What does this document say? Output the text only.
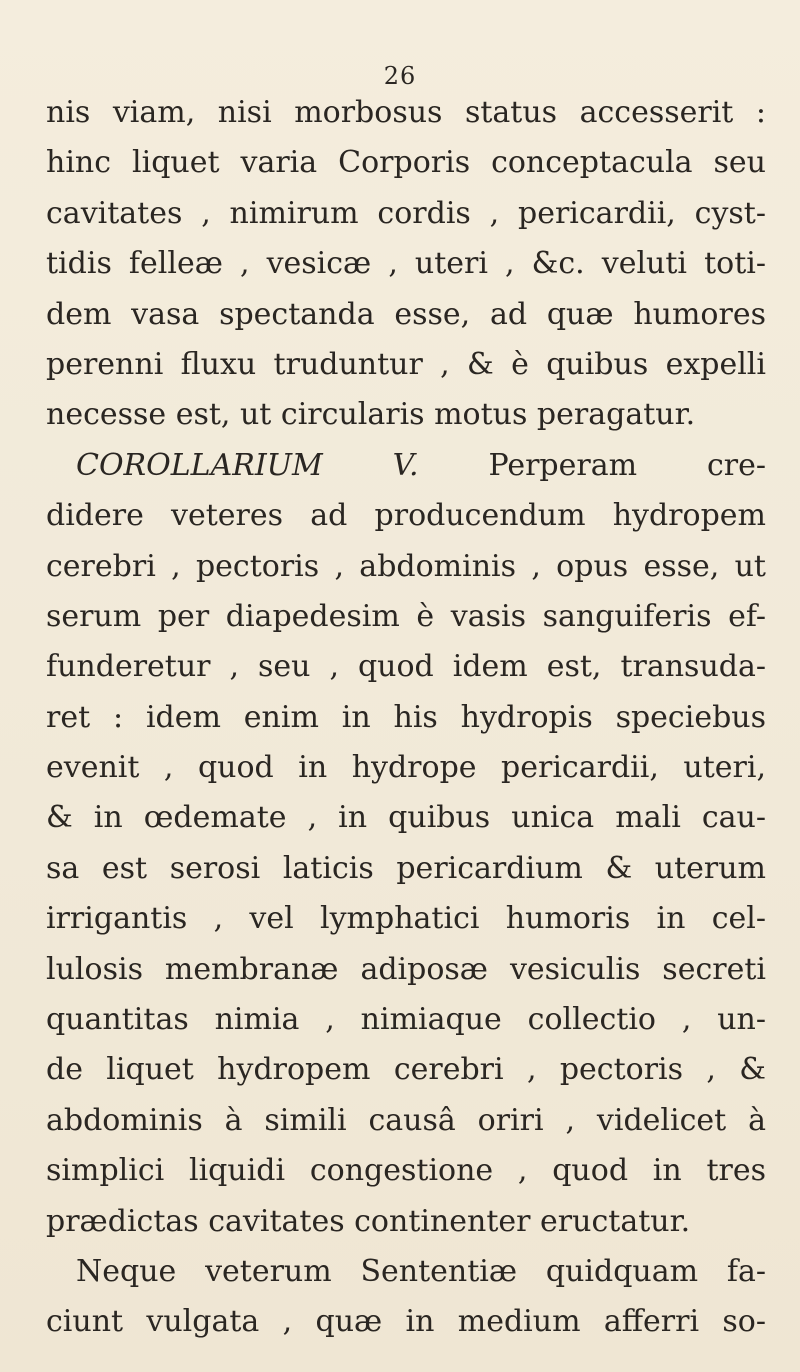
26
nis viam, nisi morbosus status accesserit :
hinc liquet varia Corporis conceptacula seu
cavitates , nimirum cordis , pericardii, cyst-
tidis felleæ , vesicæ , uteri , &c. veluti toti-
dem vasa spectanda esse, ad quæ humores
perenni fluxu truduntur , & è quibus expelli
necesse est, ut circularis motus peragatur.
COROLLARIUM V. Perperam cre-
didere veteres ad producendum hydropem
cerebri , pectoris , abdominis , opus esse, ut
serum per diapedesim è vasis sanguiferis ef-
funderetur , seu , quod idem est, transuda-
ret : idem enim in his hydropis speciebus
evenit , quod in hydrope pericardii, uteri,
& in œdemate , in quibus unica mali cau-
sa est serosi laticis pericardium & uterum
irrigantis , vel lymphatici humoris in cel-
lulosis membranæ adiposæ vesiculis secreti
quantitas nimia , nimiaque collectio , un-
de liquet hydropem cerebri , pectoris , &
abdominis à simili causâ oriri , videlicet à
simplici liquidi congestione , quod in tres
prædictas cavitates continenter eructatur.
Neque veterum Sententiæ quidquam fa-
ciunt vulgata , quæ in medium afferri so-
